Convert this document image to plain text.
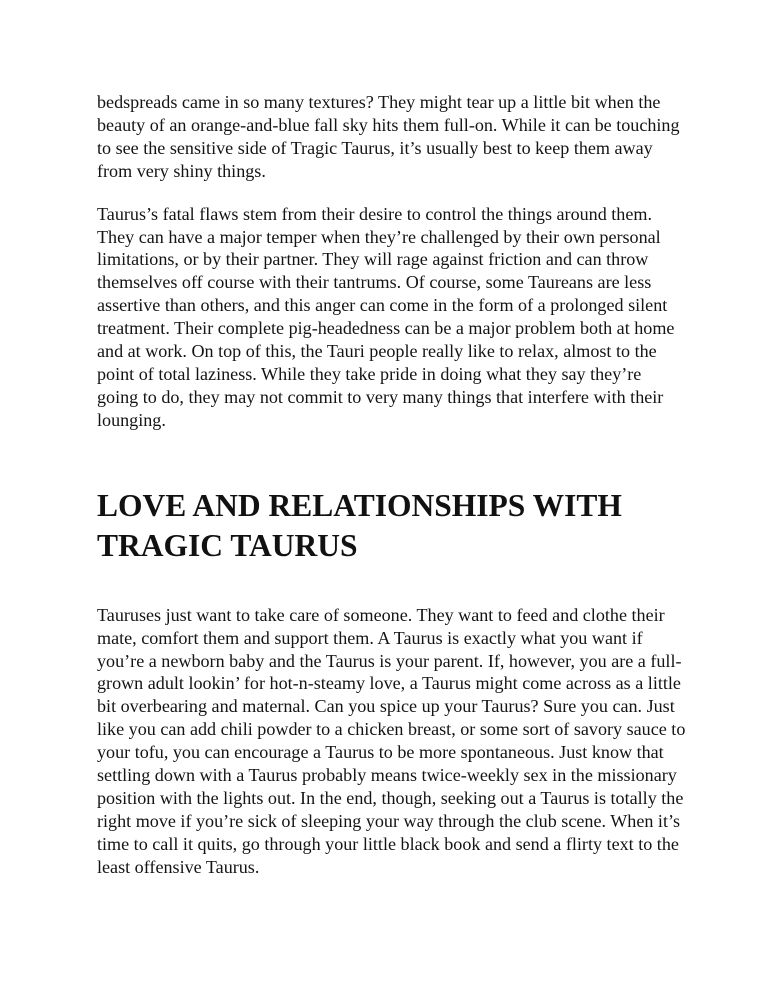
bedspreads came in so many textures? They might tear up a little bit when the beauty of an orange-and-blue fall sky hits them full-on. While it can be touching to see the sensitive side of Tragic Taurus, it’s usually best to keep them away from very shiny things.

Taurus’s fatal flaws stem from their desire to control the things around them. They can have a major temper when they’re challenged by their own personal limitations, or by their partner. They will rage against friction and can throw themselves off course with their tantrums. Of course, some Taureans are less assertive than others, and this anger can come in the form of a prolonged silent treatment. Their complete pig-headedness can be a major problem both at home and at work. On top of this, the Tauri people really like to relax, almost to the point of total laziness. While they take pride in doing what they say they’re going to do, they may not commit to very many things that interfere with their lounging.

LOVE AND RELATIONSHIPS WITH TRAGIC TAURUS

Tauruses just want to take care of someone. They want to feed and clothe their mate, comfort them and support them. A Taurus is exactly what you want if you’re a newborn baby and the Taurus is your parent. If, however, you are a full-grown adult lookin’ for hot-n-steamy love, a Taurus might come across as a little bit overbearing and maternal. Can you spice up your Taurus? Sure you can. Just like you can add chili powder to a chicken breast, or some sort of savory sauce to your tofu, you can encourage a Taurus to be more spontaneous. Just know that settling down with a Taurus probably means twice-weekly sex in the missionary position with the lights out. In the end, though, seeking out a Taurus is totally the right move if you’re sick of sleeping your way through the club scene. When it’s time to call it quits, go through your little black book and send a flirty text to the least offensive Taurus.
